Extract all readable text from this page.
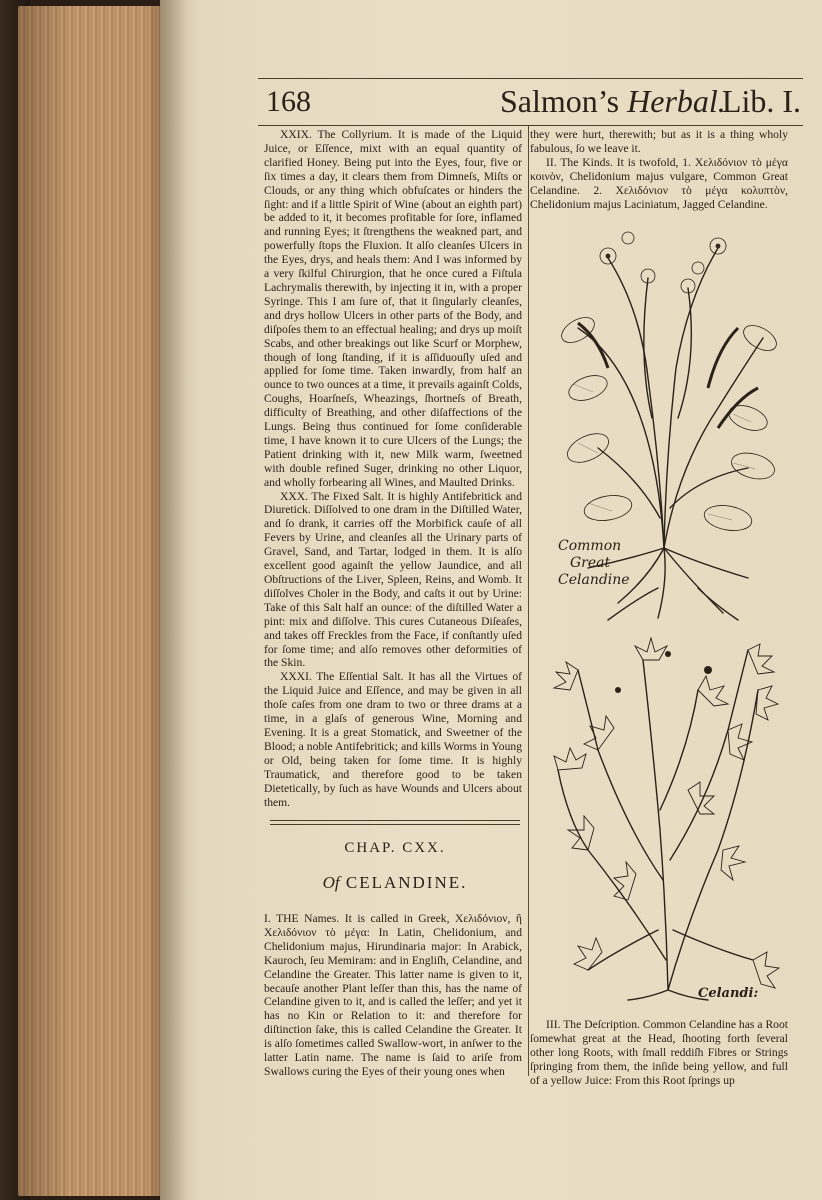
168	Salmon’s Herbal.
Lib. I.

XXIX. The Collyrium. It is made of the Liquid Juice, or Eſſence, mixt with an equal quantity of clarified Honey. Being put into the Eyes, four, five or ſix times a day, it clears them from Dimneſs, Miſts or Clouds, or any thing which obfuſcates or hinders the ſight: and if a little Spirit of Wine (about an eighth part) be added to it, it becomes profitable for ſore, inflamed and running Eyes; it ſtrengthens the weakned part, and powerfully ſtops the Fluxion. It alſo cleanſes Ulcers in the Eyes, drys, and heals them: And I was informed by a very ſkilful Chirurgion, that he once cured a Fiſtula Lachrymalis therewith, by injecting it in, with a proper Syringe. This I am ſure of, that it ſingularly cleanſes, and drys hollow Ulcers in other parts of the Body, and diſpoſes them to an effectual healing; and drys up moiſt Scabs, and other breakings out like Scurf or Morphew, though of long ſtanding, if it is aſſiduouſly uſed and applied for ſome time. Taken inwardly, from half an ounce to two ounces at a time, it prevails againſt Colds, Coughs, Hoarſneſs, Wheazings, ſhortneſs of Breath, difficulty of Breathing, and other diſaffections of the Lungs. Being thus continued for ſome conſiderable time, I have known it to cure Ulcers of the Lungs; the Patient drinking with it, new Milk warm, ſweetned with double refined Suger, drinking no other Liquor, and wholly forbearing all Wines, and Maulted Drinks.

XXX. The Fixed Salt. It is highly Antifebritick and Diuretick. Diſſolved to one dram in the Diſtilled Water, and ſo drank, it carries off the Morbifick cauſe of all Fevers by Urine, and cleanſes all the Urinary parts of Gravel, Sand, and Tartar, lodged in them. It is alſo excellent good againſt the yellow Jaundice, and all Obſtructions of the Liver, Spleen, Reins, and Womb. It diſſolves Choler in the Body, and caſts it out by Urine: Take of this Salt half an ounce: of the diſtilled Water a pint: mix and diſſolve. This cures Cutaneous Diſeaſes, and takes off Freckles from the Face, if conſtantly uſed for ſome time; and alſo removes other deformities of the Skin.

XXXI. The Eſſential Salt. It has all the Virtues of the Liquid Juice and Eſſence, and may be given in all thoſe caſes from one dram to two or three drams at a time, in a glaſs of generous Wine, Morning and Evening. It is a great Stomatick, and Sweetner of the Blood; a noble Antifebritick; and kills Worms in Young or Old, being taken for ſome time. It is highly Traumatick, and therefore good to be taken Dietetically, by ſuch as have Wounds and Ulcers about them.

CHAP. CXX.
Of CELANDINE.

I. THE Names. It is called in Greek, Χελιδόνιον, ἢ Χελιδόνιον τὸ μέγα: In Latin, Chelidonium, and Chelidonium majus, Hirundinaria major: In Arabick, Kauroch, ſeu Memiram: and in Engliſh, Celandine, and Celandine the Greater. This latter name is given to it, becauſe another Plant leſſer than this, has the name of Celandine given to it, and is called the leſſer; and yet it has no Kin or Relation to it: and therefore for diſtinction ſake, this is called Celandine the Greater. It is alſo ſometimes called Swallow-wort, in anſwer to the latter Latin name. The name is ſaid to ariſe from Swallows curing the Eyes of their young ones when

they were hurt, therewith; but as it is a thing wholy fabulous, ſo we leave it.

II. The Kinds. It is twofold, 1. Χελιδόνιον τὸ μέγα κοινὸν, Chelidonium majus vulgare, Common Great Celandine. 2. Χελιδόνιον τὸ μέγα κολυπτὸν, Chelidonium majus Laciniatum, Jagged Celandine.

Common
Great
Celandine
Celandi:

III. The Deſcription. Common Celandine has a Root ſomewhat great at the Head, ſhooting forth ſeveral other long Roots, with ſmall reddiſh Fibres or Strings ſpringing from them, the inſide being yellow, and full of a yellow Juice: From this Root ſprings up
